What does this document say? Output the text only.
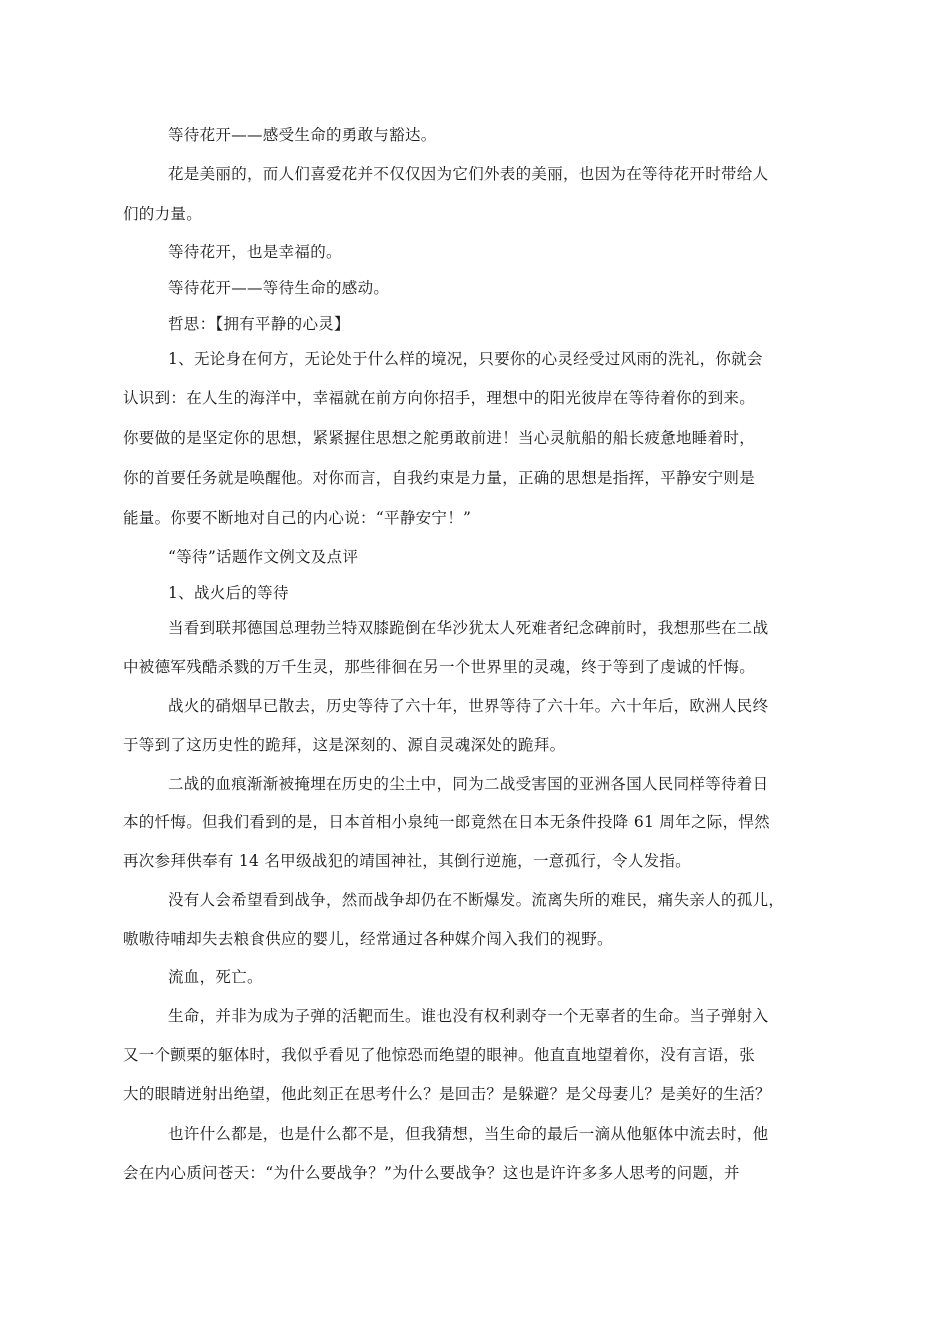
等待花开——感受生命的勇敢与豁达。

花是美丽的，而人们喜爱花并不仅仅因为它们外表的美丽，也因为在等待花开时带给人

们的力量。

等待花开，也是幸福的。

等待花开——等待生命的感动。

哲思：【拥有平静的心灵】

1、无论身在何方，无论处于什么样的境况，只要你的心灵经受过风雨的洗礼，你就会

认识到：在人生的海洋中，幸福就在前方向你招手，理想中的阳光彼岸在等待着你的到来。

你要做的是坚定你的思想，紧紧握住思想之舵勇敢前进！当心灵航船的船长疲惫地睡着时，

你的首要任务就是唤醒他。对你而言，自我约束是力量，正确的思想是指挥，平静安宁则是

能量。你要不断地对自己的内心说：“平静安宁！”

“等待”话题作文例文及点评

1、战火后的等待

当看到联邦德国总理勃兰特双膝跪倒在华沙犹太人死难者纪念碑前时，我想那些在二战

中被德军残酷杀戮的万千生灵，那些徘徊在另一个世界里的灵魂，终于等到了虔诚的忏悔。

战火的硝烟早已散去，历史等待了六十年，世界等待了六十年。六十年后，欧洲人民终

于等到了这历史性的跪拜，这是深刻的、源自灵魂深处的跪拜。

二战的血痕渐渐被掩埋在历史的尘土中，同为二战受害国的亚洲各国人民同样等待着日

本的忏悔。但我们看到的是，日本首相小泉纯一郎竟然在日本无条件投降 61 周年之际，悍然

再次参拜供奉有 14 名甲级战犯的靖国神社，其倒行逆施，一意孤行，令人发指。

没有人会希望看到战争，然而战争却仍在不断爆发。流离失所的难民，痛失亲人的孤儿，

嗷嗷待哺却失去粮食供应的婴儿，经常通过各种媒介闯入我们的视野。

流血，死亡。

生命，并非为成为子弹的活靶而生。谁也没有权利剥夺一个无辜者的生命。当子弹射入

又一个颤栗的躯体时，我似乎看见了他惊恐而绝望的眼神。他直直地望着你，没有言语，张

大的眼睛迸射出绝望，他此刻正在思考什么？是回击？是躲避？是父母妻儿？是美好的生活？

也许什么都是，也是什么都不是，但我猜想，当生命的最后一滴从他躯体中流去时，他

会在内心质问苍天：“为什么要战争？”为什么要战争？这也是许许多多人思考的问题，并
